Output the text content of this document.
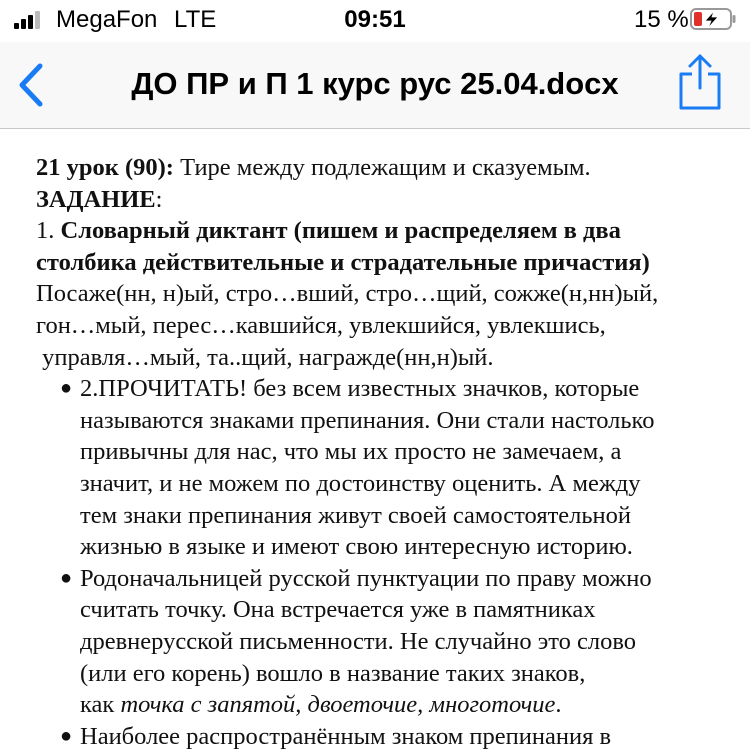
MegaFon LTE	09:51	15 %
ДО ПР и П 1 курс рус 25.04.docx

21 урок (90): Тире между подлежащим и сказуемым.

ЗАДАНИЕ:

1. Словарный диктант (пишем и распределяем в два

столбика действительные и страдательные причастия)

Посаже(нн, н)ый, стро…вший, стро…щий, сожже(н,нн)ый,

гон…мый, перес…кавшийся, увлекшийся, увлекшись,

управля…мый, та..щий, награжде(нн,н)ый.

● 2.ПРОЧИТАТЬ! без всем известных значков, которые
называются знаками препинания. Они стали настолько
привычны для нас, что мы их просто не замечаем, а
значит, и не можем по достоинству оценить. А между
тем знаки препинания живут своей самостоятельной
жизнью в языке и имеют свою интересную историю.
● Родоначальницей русской пунктуации по праву можно
считать точку. Она встречается уже в памятниках
древнерусской письменности. Не случайно это слово
(или его корень) вошло в название таких знаков,
как точка с запятой, двоеточие, многоточие.
● Наиболее распространённым знаком препинания в
